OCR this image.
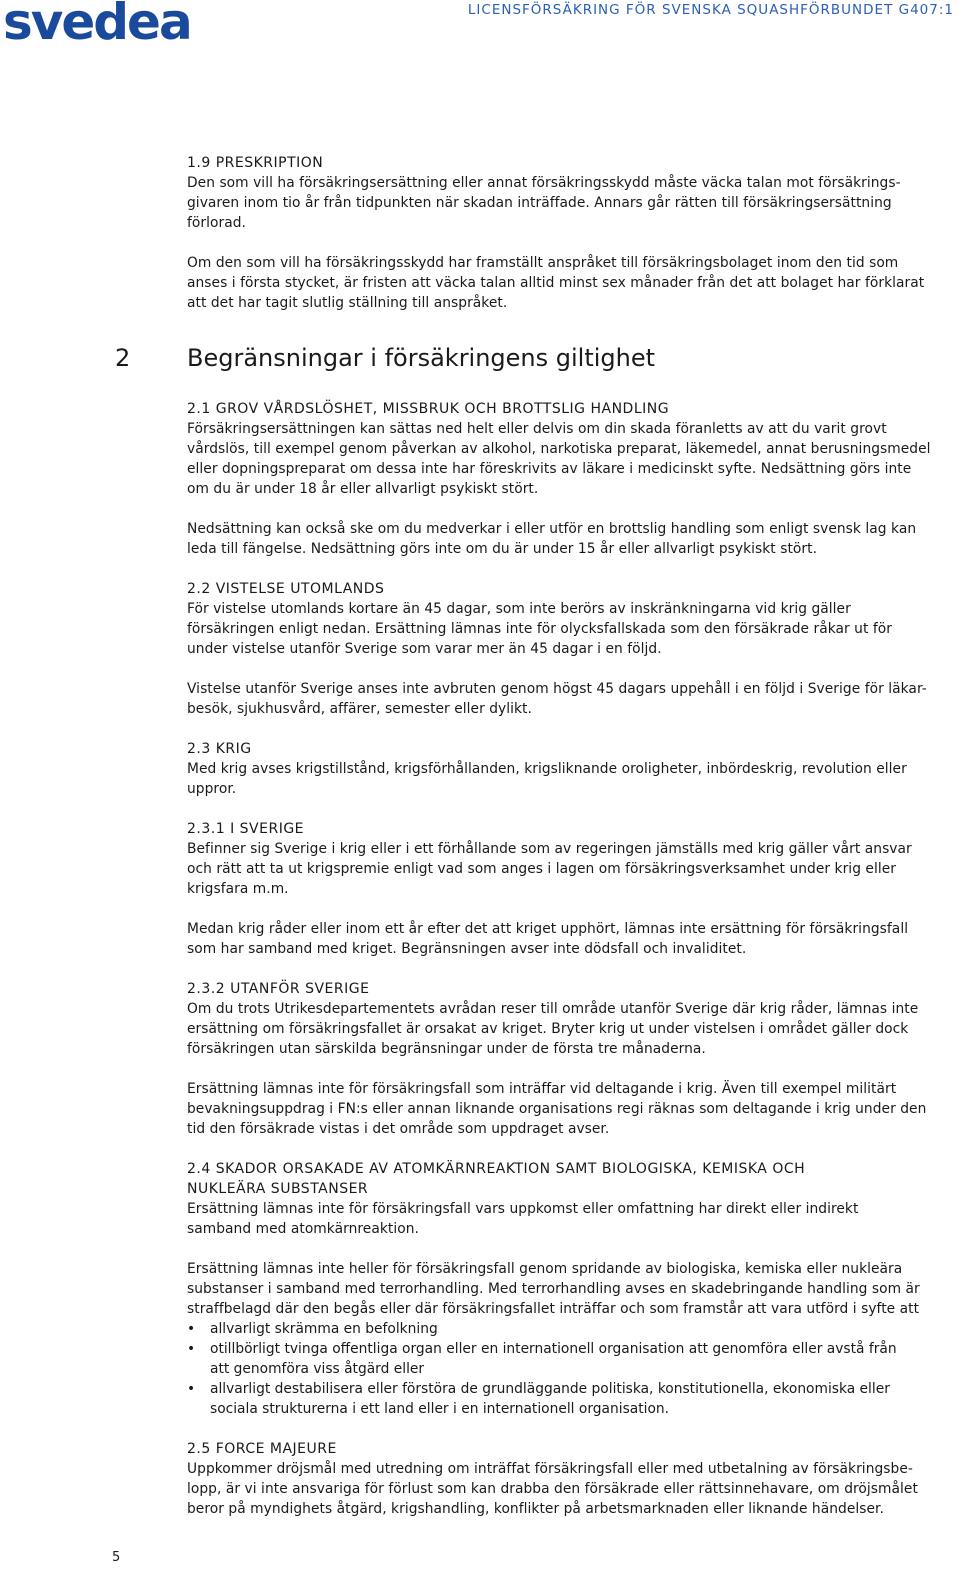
svedea	LICENSFÖRSÄKRING FÖR SVENSKA SQUASHFÖRBUNDET G407:1
1.9 PRESKRIPTION

Den som vill ha försäkringsersättning eller annat försäkringsskydd måste väcka talan mot försäkrings-
givaren inom tio år från tidpunkten när skadan inträffade. Annars går rätten till försäkringsersättning
förlorad.

Om den som vill ha försäkringsskydd har framställt anspråket till försäkringsbolaget inom den tid som
anses i första stycket, är fristen att väcka talan alltid minst sex månader från det att bolaget har förklarat
att det har tagit slutlig ställning till anspråket.

2 Begränsningar i försäkringens giltighet
2.1 GROV VÅRDSLÖSHET, MISSBRUK OCH BROTTSLIG HANDLING

Försäkringsersättningen kan sättas ned helt eller delvis om din skada föranletts av att du varit grovt
vårdslös, till exempel genom påverkan av alkohol, narkotiska preparat, läkemedel, annat berusningsmedel
eller dopningspreparat om dessa inte har föreskrivits av läkare i medicinskt syfte. Nedsättning görs inte
om du är under 18 år eller allvarligt psykiskt stört.

Nedsättning kan också ske om du medverkar i eller utför en brottslig handling som enligt svensk lag kan
leda till fängelse. Nedsättning görs inte om du är under 15 år eller allvarligt psykiskt stört.

2.2 VISTELSE UTOMLANDS

För vistelse utomlands kortare än 45 dagar, som inte berörs av inskränkningarna vid krig gäller
försäkringen enligt nedan. Ersättning lämnas inte för olycksfallskada som den försäkrade råkar ut för
under vistelse utanför Sverige som varar mer än 45 dagar i en följd.

Vistelse utanför Sverige anses inte avbruten genom högst 45 dagars uppehåll i en följd i Sverige för läkar-
besök, sjukhusvård, affärer, semester eller dylikt.

2.3 KRIG

Med krig avses krigstillstånd, krigsförhållanden, krigsliknande oroligheter, inbördeskrig, revolution eller
uppror.

2.3.1 I SVERIGE

Befinner sig Sverige i krig eller i ett förhållande som av regeringen jämställs med krig gäller vårt ansvar
och rätt att ta ut krigspremie enligt vad som anges i lagen om försäkringsverksamhet under krig eller
krigsfara m.m.

Medan krig råder eller inom ett år efter det att kriget upphört, lämnas inte ersättning för försäkringsfall
som har samband med kriget. Begränsningen avser inte dödsfall och invaliditet.

2.3.2 UTANFÖR SVERIGE

Om du trots Utrikesdepartementets avrådan reser till område utanför Sverige där krig råder, lämnas inte
ersättning om försäkringsfallet är orsakat av kriget. Bryter krig ut under vistelsen i området gäller dock
försäkringen utan särskilda begränsningar under de första tre månaderna.

Ersättning lämnas inte för försäkringsfall som inträffar vid deltagande i krig. Även till exempel militärt
bevakningsuppdrag i FN:s eller annan liknande organisations regi räknas som deltagande i krig under den
tid den försäkrade vistas i det område som uppdraget avser.

2.4 SKADOR ORSAKADE AV ATOMKÄRNREAKTION SAMT BIOLOGISKA, KEMISKA OCH
NUKLEÄRA SUBSTANSER

Ersättning lämnas inte för försäkringsfall vars uppkomst eller omfattning har direkt eller indirekt
samband med atomkärnreaktion.

Ersättning lämnas inte heller för försäkringsfall genom spridande av biologiska, kemiska eller nukleära
substanser i samband med terrorhandling. Med terrorhandling avses en skadebringande handling som är
straffbelagd där den begås eller där försäkringsfallet inträffar och som framstår att vara utförd i syfte att

• allvarligt skrämma en befolkning
• otillbörligt tvinga offentliga organ eller en internationell organisation att genomföra eller avstå från
att genomföra viss åtgärd eller
• allvarligt destabilisera eller förstöra de grundläggande politiska, konstitutionella, ekonomiska eller
sociala strukturerna i ett land eller i en internationell organisation.
2.5 FORCE MAJEURE

Uppkommer dröjsmål med utredning om inträffat försäkringsfall eller med utbetalning av försäkringsbe-
lopp, är vi inte ansvariga för förlust som kan drabba den försäkrade eller rättsinnehavare, om dröjsmålet
beror på myndighets åtgärd, krigshandling, konflikter på arbetsmarknaden eller liknande händelser.

5
